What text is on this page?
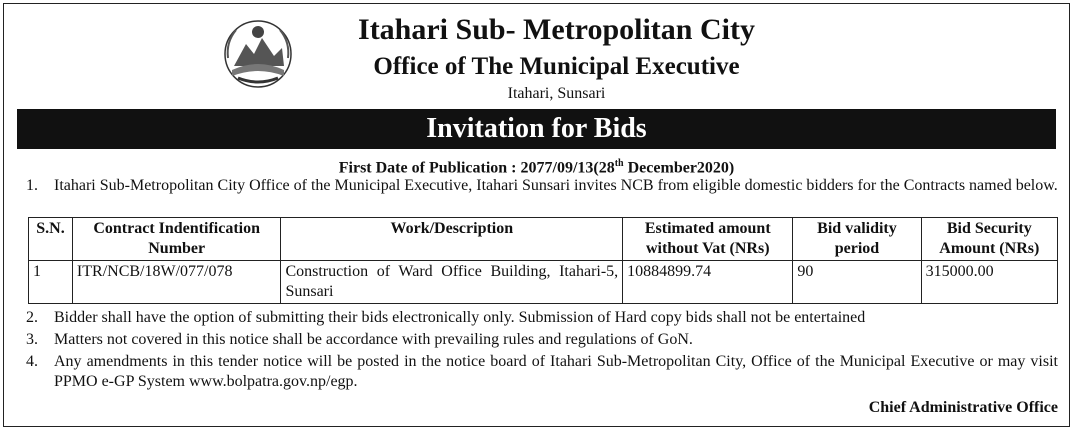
Itahari Sub- Metropolitan City
Office of The Municipal Executive
Itahari, Sunsari
Invitation for Bids
First Date of Publication : 2077/09/13(28th December2020)
1.	Itahari Sub-Metropolitan City Office of the Municipal Executive, Itahari Sunsari invites NCB from eligible domestic bidders for the Contracts named below.
S.N.	Contract Indentification Number	Work/Description	Estimated amount without Vat (NRs)	Bid validity period	Bid Security Amount (NRs)
1	ITR/NCB/18W/077/078	Construction of Ward Office Building, Itahari-5, Sunsari	10884899.74	90	315000.00
2.	Bidder shall have the option of submitting their bids electronically only. Submission of Hard copy bids shall not be entertained
3.	Matters not covered in this notice shall be accordance with prevailing rules and regulations of GoN.
4.	Any amendments in this tender notice will be posted in the notice board of Itahari Sub-Metropolitan City, Office of the Municipal Executive or may visit PPMO e-GP System www.bolpatra.gov.np/egp.
Chief Administrative Office
